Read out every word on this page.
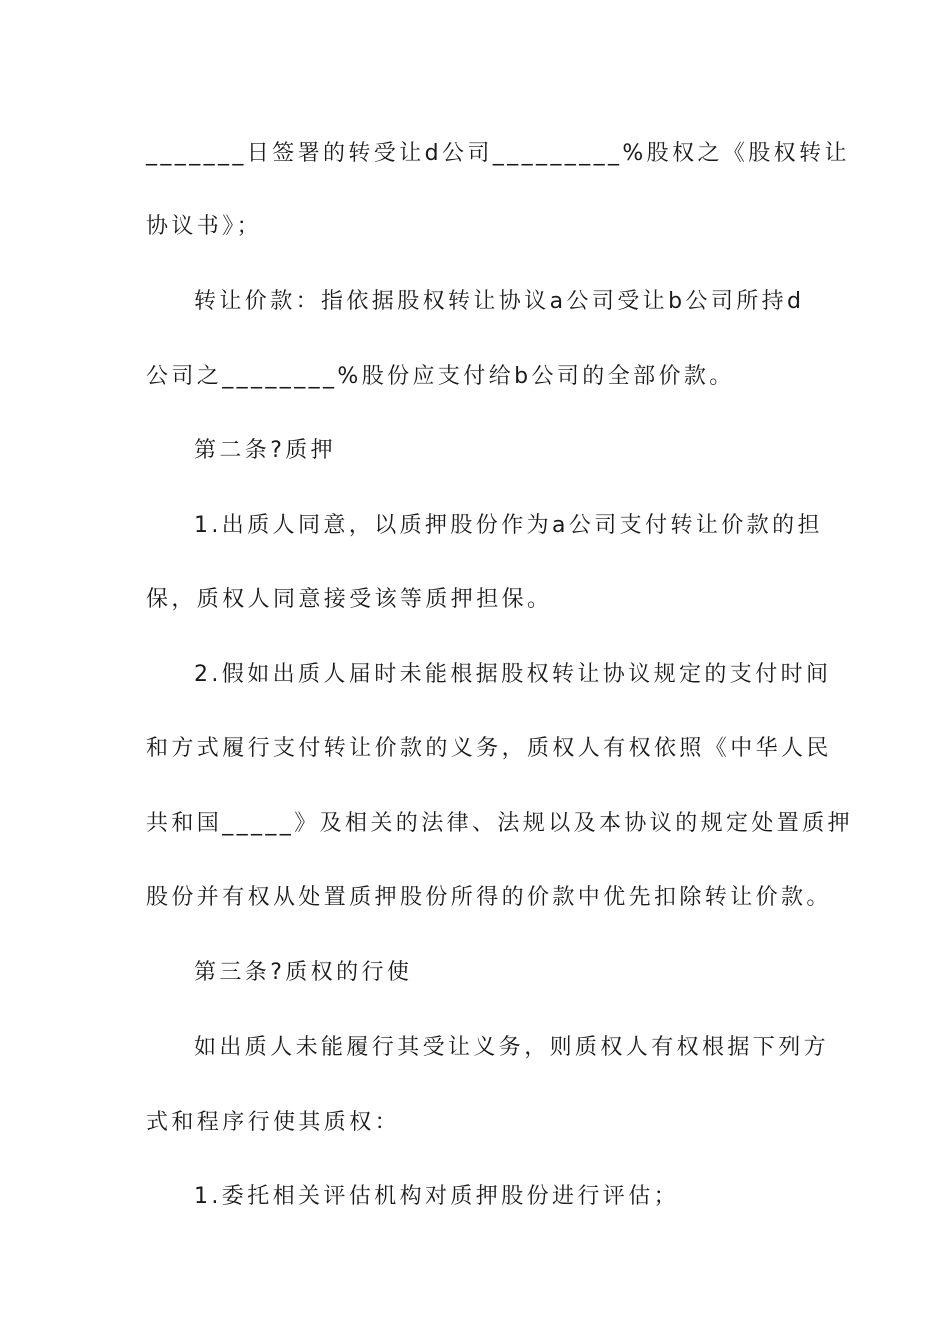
_______日签署的转受让d公司_________%股权之《股权转让
协议书》；
转让价款：指依据股权转让协议a公司受让b公司所持d
公司之________%股份应支付给b公司的全部价款。
第二条?质押
1.出质人同意，以质押股份作为a公司支付转让价款的担
保，质权人同意接受该等质押担保。
2.假如出质人届时未能根据股权转让协议规定的支付时间
和方式履行支付转让价款的义务，质权人有权依照《中华人民
共和国_____》及相关的法律、法规以及本协议的规定处置质押
股份并有权从处置质押股份所得的价款中优先扣除转让价款。
第三条?质权的行使
如出质人未能履行其受让义务，则质权人有权根据下列方
式和程序行使其质权：
1.委托相关评估机构对质押股份进行评估；
